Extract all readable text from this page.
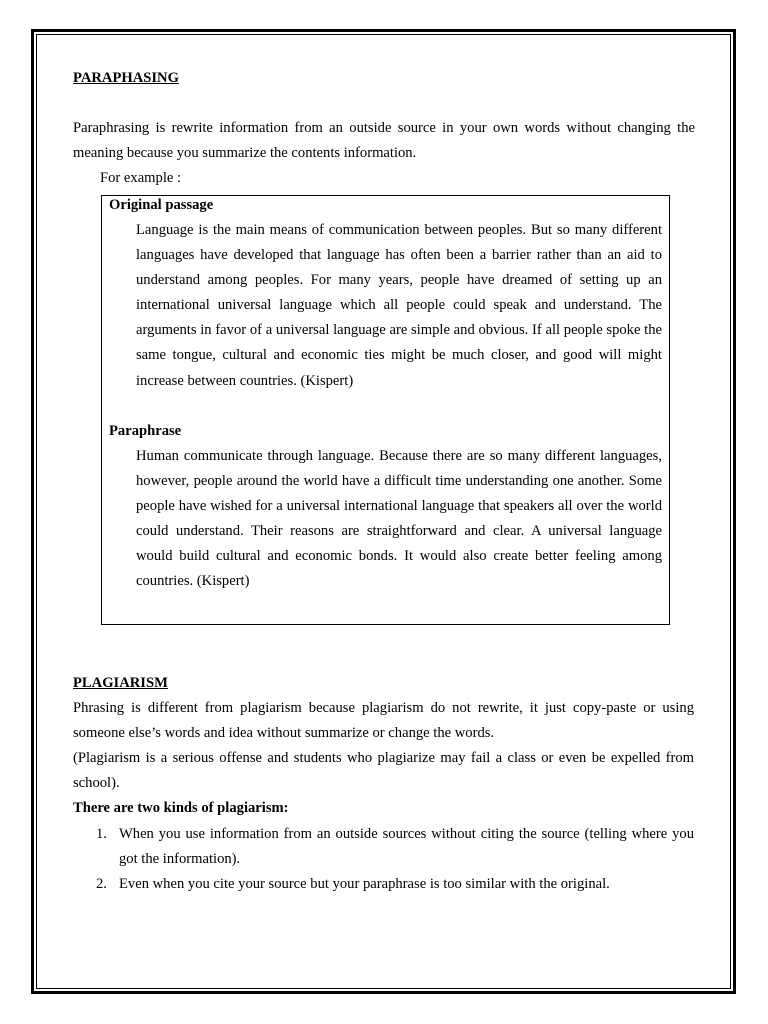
PARAPHASING

Paraphrasing is rewrite information from an outside source in your own words without changing the meaning because you summarize the contents information.

For example :

Original passage

Language is the main means of communication between peoples. But so many different languages have developed that language has often been a barrier rather than an aid to understand among peoples. For many years, people have dreamed of setting up an international universal language which all people could speak and understand. The arguments in favor of a universal language are simple and obvious. If all people spoke the same tongue, cultural and economic ties might be much closer, and good will might increase between countries. (Kispert)

Paraphrase

Human communicate through language. Because there are so many different languages, however, people around the world have a difficult time understanding one another. Some people have wished for a universal international language that speakers all over the world could understand. Their reasons are straightforward and clear. A universal language would build cultural and economic bonds. It would also create better feeling among countries. (Kispert)

PLAGIARISM

Phrasing is different from plagiarism because plagiarism do not rewrite, it just copy-paste or using someone else’s words and idea without summarize or change the words.

(Plagiarism is a serious offense and students who plagiarize may fail a class or even be expelled from school).

There are two kinds of plagiarism:

1. When you use information from an outside sources without citing the source (telling where you got the information).
2. Even when you cite your source but your paraphrase is too similar with the original.
